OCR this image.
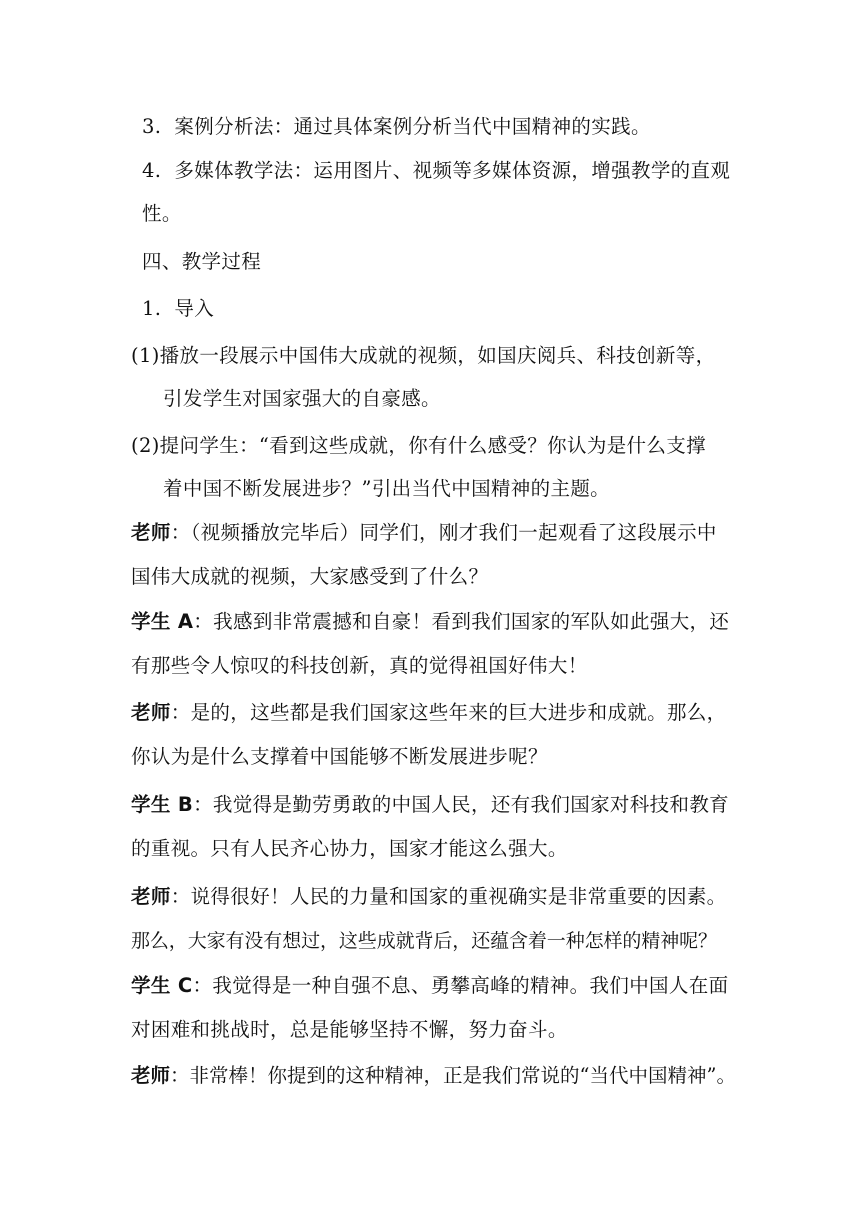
3. 案例分析法：通过具体案例分析当代中国精神的实践。
4. 多媒体教学法：运用图片、视频等多媒体资源，增强教学的直观
性。
四、教学过程
1. 导入
(1)播放一段展示中国伟大成就的视频，如国庆阅兵、科技创新等，
引发学生对国家强大的自豪感。
(2)提问学生：“看到这些成就，你有什么感受？你认为是什么支撑
着中国不断发展进步？”引出当代中国精神的主题。
老师：（视频播放完毕后）同学们，刚才我们一起观看了这段展示中
国伟大成就的视频，大家感受到了什么？
学生 A：我感到非常震撼和自豪！看到我们国家的军队如此强大，还
有那些令人惊叹的科技创新，真的觉得祖国好伟大！
老师：是的，这些都是我们国家这些年来的巨大进步和成就。那么，
你认为是什么支撑着中国能够不断发展进步呢？
学生 B：我觉得是勤劳勇敢的中国人民，还有我们国家对科技和教育
的重视。只有人民齐心协力，国家才能这么强大。
老师：说得很好！人民的力量和国家的重视确实是非常重要的因素。
那么，大家有没有想过，这些成就背后，还蕴含着一种怎样的精神呢？
学生 C：我觉得是一种自强不息、勇攀高峰的精神。我们中国人在面
对困难和挑战时，总是能够坚持不懈，努力奋斗。
老师：非常棒！你提到的这种精神，正是我们常说的“当代中国精神”。
